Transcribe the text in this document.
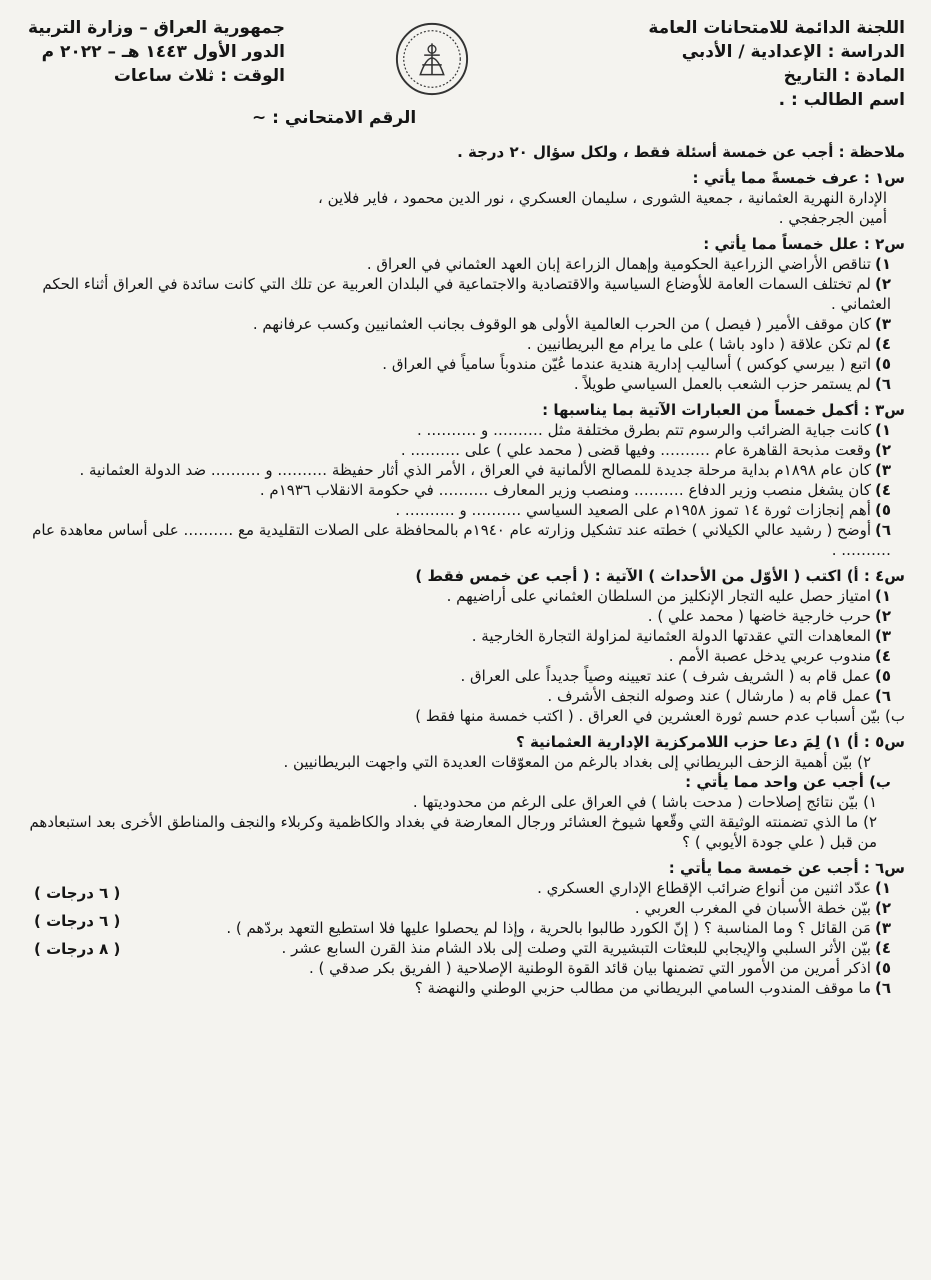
اللجنة الدائمة للامتحانات العامة
الدراسة : الإعدادية / الأدبي
المادة : التاريخ
اسم الطالب : .
جمهورية العراق – وزارة التربية
الدور الأول ١٤٤٣ هـ – ٢٠٢٢ م
الوقت : ثلاث ساعات
الرقم الامتحاني : ~
ملاحظة : أجب عن خمسة أسئلة فقط ، ولكل سؤال ٢٠ درجة .
س١ : عرف خمسةً مما يأتي :
الإدارة النهرية العثمانية ، جمعية الشورى ، سليمان العسكري ، نور الدين محمود ، فاير فلاين ،
أمين الجرجفجي .
س٢ : علل خمساً مما يأتي :
١)تناقص الأراضي الزراعية الحكومية وإهمال الزراعة إبان العهد العثماني في العراق .
٢)لم تختلف السمات العامة للأوضاع السياسية والاقتصادية والاجتماعية في البلدان العربية عن تلك التي كانت سائدة في العراق أثناء الحكم العثماني .
٣)كان موقف الأمير ( فيصل ) من الحرب العالمية الأولى هو الوقوف بجانب العثمانيين وكسب عرفانهم .
٤)لم تكن علاقة ( داود باشا ) على ما يرام مع البريطانيين .
٥)اتبع ( بيرسي كوكس ) أساليب إدارية هندية عندما عُيّن مندوباً سامياً في العراق .
٦)لم يستمر حزب الشعب بالعمل السياسي طويلاً .
س٣ : أكمل خمساً من العبارات الآتية بما يناسبها :
١)كانت جباية الضرائب والرسوم تتم بطرق مختلفة مثل ………. و ………. .
٢)وقعت مذبحة القاهرة عام ………. وفيها قضى ( محمد علي ) على ………. .
٣)كان عام ١٨٩٨م بداية مرحلة جديدة للمصالح الألمانية في العراق ، الأمر الذي أثار حفيظة ………. و ………. ضد الدولة العثمانية .
٤)كان يشغل منصب وزير الدفاع ………. ومنصب وزير المعارف ………. في حكومة الانقلاب ١٩٣٦م .
٥)أهم إنجازات ثورة ١٤ تموز ١٩٥٨م على الصعيد السياسي ………. و ………. .
٦)أوضح ( رشيد عالي الكيلاني ) خطته عند تشكيل وزارته عام ١٩٤٠م بالمحافظة على الصلات التقليدية مع ………. على أساس معاهدة عام ………. .
س٤ : أ) اكتب ( الأوّل من الأحداث ) الآتية : ( أجب عن خمس فقط )
١)امتياز حصل عليه التجار الإنكليز من السلطان العثماني على أراضيهم .
٢)حرب خارجية خاضها ( محمد علي ) .
٣)المعاهدات التي عقدتها الدولة العثمانية لمزاولة التجارة الخارجية .
٤)مندوب عربي يدخل عصبة الأمم .
٥)عمل قام به ( الشريف شرف ) عند تعيينه وصياً جديداً على العراق .
٦)عمل قام به ( مارشال ) عند وصوله النجف الأشرف .
ب) بيّن أسباب عدم حسم ثورة العشرين في العراق . ( اكتب خمسة منها فقط )
س٥ : أ) ١) لِمَ دعا حزب اللامركزية الإدارية العثمانية ؟
٢) بيّن أهمية الزحف البريطاني إلى بغداد بالرغم من المعوّقات العديدة التي واجهت البريطانيين .
ب) أجب عن واحد مما يأتي :
١) بيّن نتائج إصلاحات ( مدحت باشا ) في العراق على الرغم من محدوديتها .
٢) ما الذي تضمنته الوثيقة التي وقّعها شيوخ العشائر ورجال المعارضة في بغداد والكاظمية وكربلاء والنجف والمناطق الأخرى بعد استبعادهم من قبل ( علي جودة الأيوبي ) ؟
س٦ : أجب عن خمسة مما يأتي :
١)عدّد اثنين من أنواع ضرائب الإقطاع الإداري العسكري .
٢)بيّن خطة الأسبان في المغرب العربي .
٣)مَن القائل ؟ وما المناسبة ؟ ( إنّ الكورد طالبوا بالحرية ، وإذا لم يحصلوا عليها فلا استطيع التعهد بردّهم ) .
٤)بيّن الأثر السلبي والإيجابي للبعثات التبشيرية التي وصلت إلى بلاد الشام منذ القرن السابع عشر .
٥)اذكر أمرين من الأمور التي تضمنها بيان قائد القوة الوطنية الإصلاحية ( الفريق بكر صدقي ) .
٦)ما موقف المندوب السامي البريطاني من مطالب حزبي الوطني والنهضة ؟
( ٦ درجات )
( ٦ درجات )
( ٨ درجات )
